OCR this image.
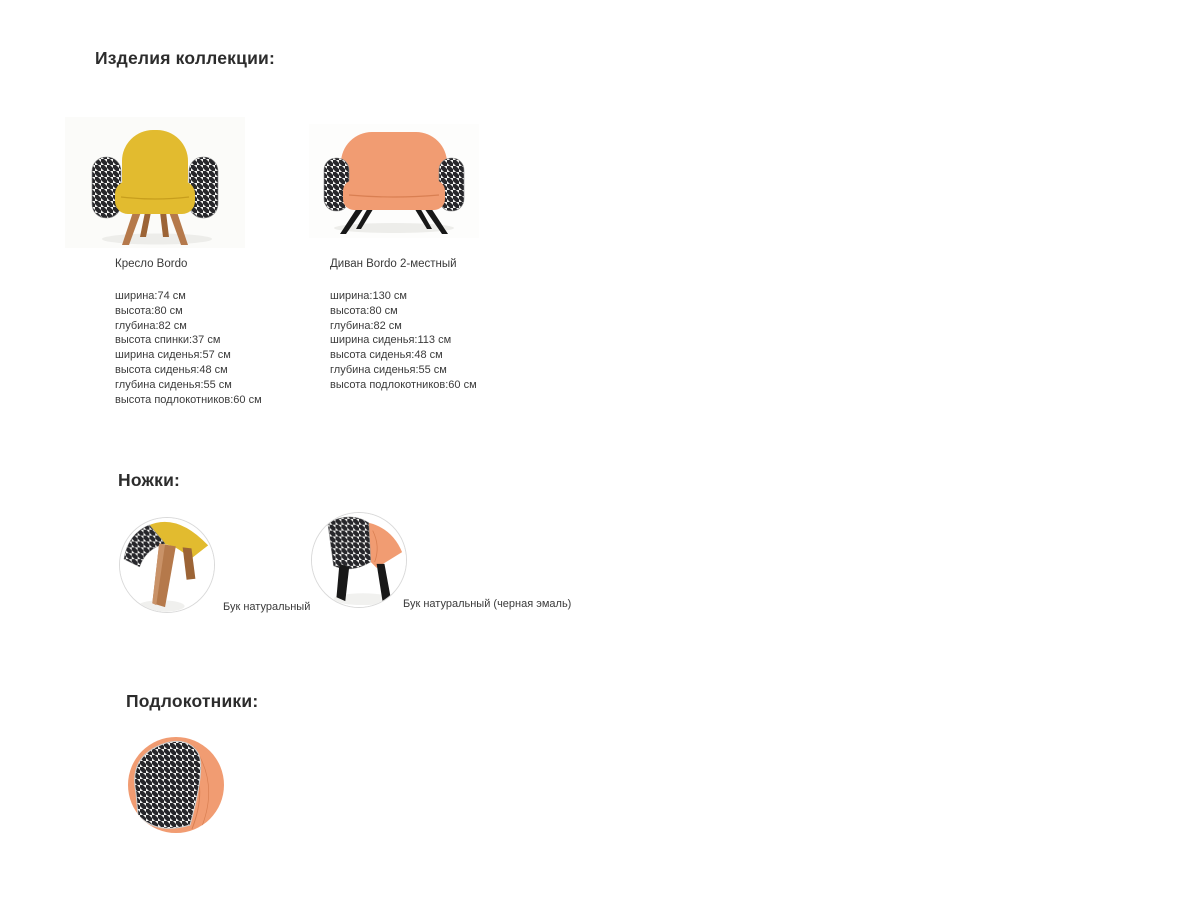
Изделия коллекции:
Кресло Bordo	Диван Bordo 2-местный
ширина:74 см
высота:80 см
глубина:82 см
высота спинки:37 см
ширина сиденья:57 см
высота сиденья:48 см
глубина сиденья:55 см
высота подлокотников:60 см
ширина:130 см
высота:80 см
глубина:82 см
ширина сиденья:113 см
высота сиденья:48 см
глубина сиденья:55 см
высота подлокотников:60 см
Ножки:
Бук натуральный	Бук натуральный (черная эмаль)
Подлокотники:
